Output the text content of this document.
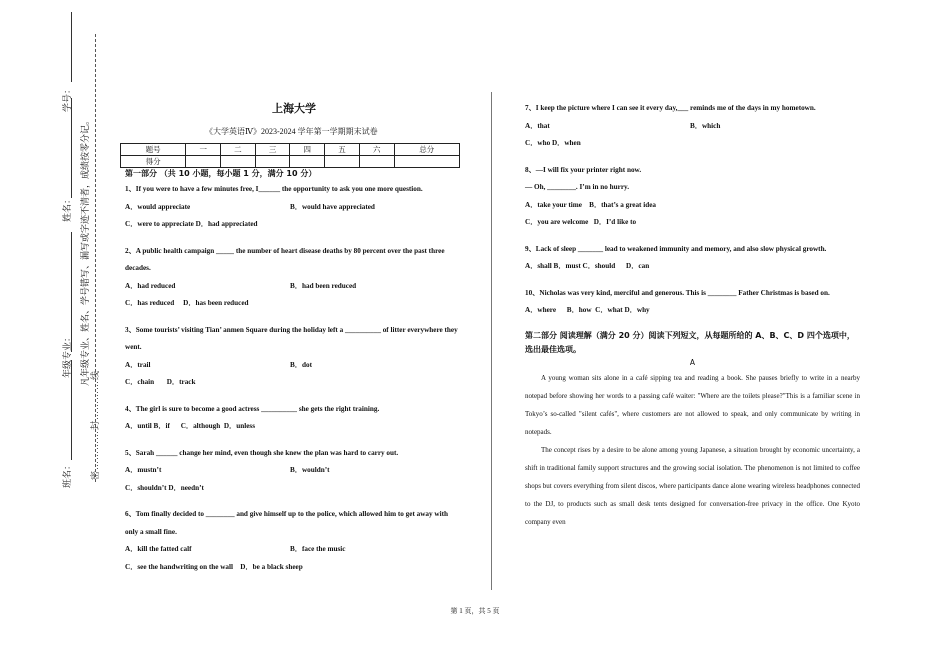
学号：
姓名：
年级专业：
班名：
凡年级专业、姓名、学号错写、漏写或字迹不清者，成绩按零分记。
密…………封…………线
上海大学
《大学英语Ⅳ》2023-2024 学年第一学期期末试卷
题号	一	二	三	四	五	六	总分
得分							
第一部分 （共 10 小题，每小题 1 分，满分 10 分）
1、If you were to have a few minutes free, I______ the opportunity to ask you one more question.
A．would appreciate	B．would have appreciated
C．were to appreciate D．had appreciated
2、A public health campaign _____ the number of heart disease deaths by 80 percent over the past three decades.
A．had reduced	B．had been reduced
C．has reduced     D．has been reduced
3、Some tourists’ visiting Tian’ anmen Square during the holiday left a __________ of litter everywhere they went.
A．trail	B．dot
C．chain       D．track
4、The girl is sure to become a good actress __________ she gets the right training.
A．until B．if      C．although  D．unless
5、Sarah ______ change her mind, even though she knew the plan was hard to carry out.
A．mustn’t	B．wouldn’t
C．shouldn’t D．needn’t
6、Tom finally decided to ________ and give himself up to the police, which allowed him to get away with only a small fine.
A．kill the fatted calf	B．face the music
C．see the handwriting on the wall    D．be a black sheep
7、I keep the picture where I can see it every day,___ reminds me of the days in my hometown.
A．that	B．which
C．who D．when
8、—I will fix your printer right now.
— Oh, ________. I’m in no hurry.
A．take your time    B．that’s a great idea
C．you are welcome   D．I’d like to
9、Lack of sleep _______ lead to weakened immunity and memory, and also slow physical growth.
A．shall B．must C．should      D．can
10、Nicholas was very kind, merciful and generous. This is ________ Father Christmas is based on.
A．where      B．how  C．what D．why
第二部分 阅读理解（满分 20 分）阅读下列短文，从每题所给的 A、B、C、D 四个选项中，选出最佳选项。
A
A young woman sits alone in a café sipping tea and reading a book. She pauses briefly to write in a nearby notepad before showing her words to a passing café waiter: "Where are the toilets please?"This is a familiar scene in Tokyo’s so-called "silent cafés", where customers are not allowed to speak, and only communicate by writing in notepads.
The concept rises by a desire to be alone among young Japanese, a situation brought by economic uncertainty, a shift in traditional family support structures and the growing social isolation. The phenomenon is not limited to coffee shops but covers everything from silent discos, where participants dance alone wearing wireless headphones connected to the DJ, to products such as small desk tents designed for conversation-free privacy in the office. One Kyoto company even
第 1 页，共 5 页
